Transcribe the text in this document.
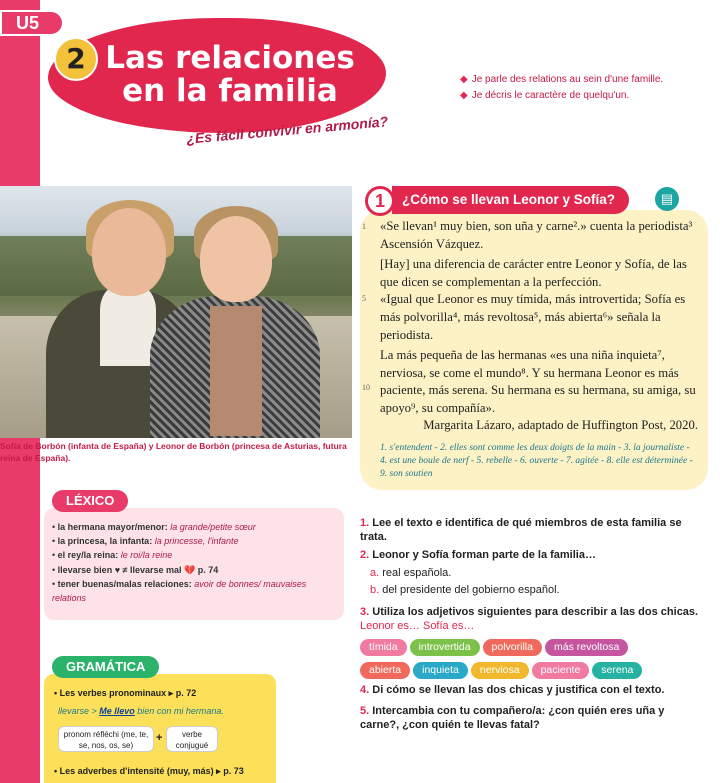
U5
2 Las relaciones
en la familia
¿Es fácil convivir en armonía?
◆ Je parle des relations au sein d'une famille.
◆ Je décris le caractère de quelqu'un.
Sofía de Borbón (infanta de España) y Leonor de Borbón (princesa de Asturias, futura reina de España).
¿Cómo se llevan Leonor y Sofía?
1	▤
1
5
10

«Se llevan¹ muy bien, son uña y carne².» cuenta la periodista³ Ascensión Vázquez.

[Hay] una diferencia de carácter entre Leonor y Sofía, de las que dicen se complementan a la perfección.

«Igual que Leonor es muy tímida, más introvertida; Sofía es más polvorilla⁴, más revoltosa⁵, más abierta⁶» señala la periodista.

La más pequeña de las hermanas «es una niña inquieta⁷, nerviosa, se come el mundo⁸. Y su hermana Leonor es más paciente, más serena. Su hermana es su hermana, su amiga, su apoyo⁹, su compañía».

Margarita Lázaro, adaptado de Huffington Post, 2020.
1. s'entendent - 2. elles sont comme les deux doigts de la main - 3. la journaliste - 4. est une boule de nerf - 5. rebelle - 6. ouverte - 7. agitée - 8. elle est déterminée - 9. son soutien
LÉXICO
• la hermana mayor/menor: la grande/petite sœur
• la princesa, la infanta: la princesse, l'infante
• el rey/la reina: le roi/la reine
• llevarse bien ♥ ≠ llevarse mal 💔 p. 74
• tener buenas/malas relaciones: avoir de bonnes/ mauvaises relations
GRAMÁTICA
• Les verbes pronominaux ▸ p. 72
llevarse > Me llevo bien con mi hermana.
pronom réfléchi (me, te, se, nos, os, se)
+	verbe conjugué
• Les adverbes d'intensité (muy, más) ▸ p. 73
1. Lee el texto e identifica de qué miembros de esta familia se trata.
2. Leonor y Sofía forman parte de la familia…
a. real española.
b. del presidente del gobierno español.
3. Utiliza los adjetivos siguientes para describir a las dos chicas. Leonor es… Sofía es…
tímida introvertida polvorilla más revoltosa
abierta inquieta nerviosa paciente serena
4. Di cómo se llevan las dos chicas y justifica con el texto.
5. Intercambia con tu compañero/a: ¿con quién eres uña y carne?, ¿con quién te llevas fatal?
